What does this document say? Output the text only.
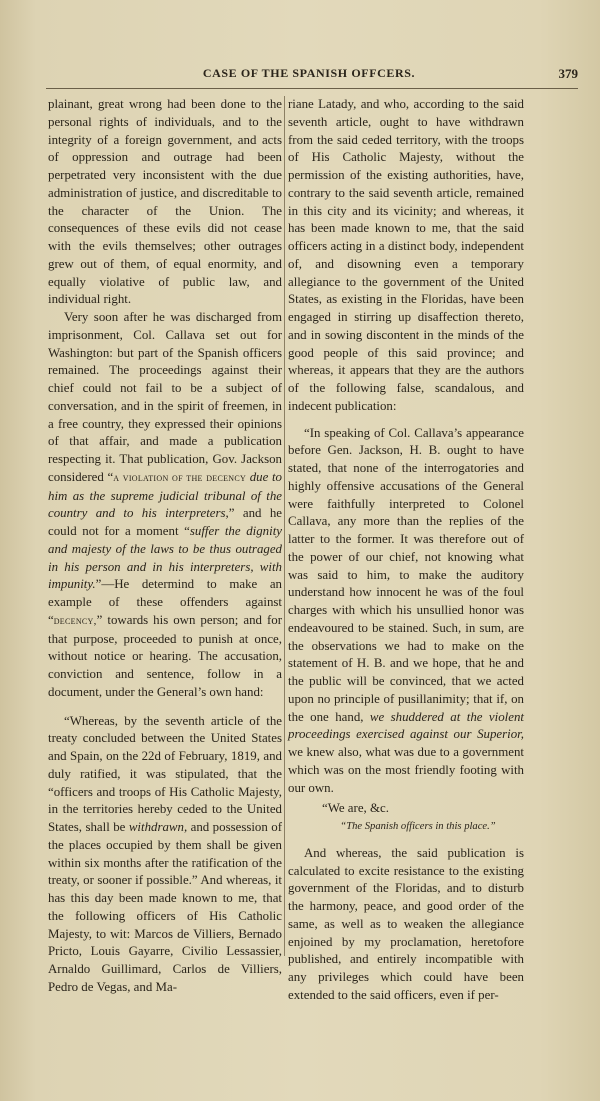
CASE OF THE SPANISH OFFCERS.	379

plainant, great wrong had been done to the personal rights of individuals, and to the integrity of a foreign government, and acts of oppression and outrage had been perpetrated very inconsistent with the due administration of justice, and discreditable to the character of the Union. The consequences of these evils did not cease with the evils themselves; other outrages grew out of them, of equal enormity, and equally violative of public law, and individual right.

Very soon after he was discharged from imprisonment, Col. Callava set out for Washington: but part of the Spanish officers remained. The proceedings against their chief could not fail to be a subject of conversation, and in the spirit of freemen, in a free country, they expressed their opinions of that affair, and made a publication respecting it. That publication, Gov. Jackson considered “a violation of the decency due to him as the supreme judicial tribunal of the country and to his interpreters,” and he could not for a moment “suffer the dignity and majesty of the laws to be thus outraged in his person and in his interpreters, with impunity.”—He determind to make an example of these offenders against “decency,” towards his own person; and for that purpose, proceeded to punish at once, without notice or hearing. The accusation, conviction and sentence, follow in a document, under the General’s own hand:

“Whereas, by the seventh article of the treaty concluded between the United States and Spain, on the 22d of February, 1819, and duly ratified, it was stipulated, that the “officers and troops of His Catholic Majesty, in the territories hereby ceded to the United States, shall be withdrawn, and possession of the places occupied by them shall be given within six months after the ratification of the treaty, or sooner if possible.” And whereas, it has this day been made known to me, that the following officers of His Catholic Majesty, to wit: Marcos de Villiers, Bernado Pricto, Louis Gayarre, Civilio Lessassier, Arnaldo Guillimard, Carlos de Villiers, Pedro de Vegas, and Ma-

riane Latady, and who, according to the said seventh article, ought to have withdrawn from the said ceded territory, with the troops of His Catholic Majesty, without the permission of the existing authorities, have, contrary to the said seventh article, remained in this city and its vicinity; and whereas, it has been made known to me, that the said officers acting in a distinct body, independent of, and disowning even a temporary allegiance to the government of the United States, as existing in the Floridas, have been engaged in stirring up disaffection thereto, and in sowing discontent in the minds of the good people of this said province; and whereas, it appears that they are the authors of the following false, scandalous, and indecent publication:

“In speaking of Col. Callava’s appearance before Gen. Jackson, H. B. ought to have stated, that none of the interrogatories and highly offensive accusations of the General were faithfully interpreted to Colonel Callava, any more than the replies of the latter to the former. It was therefore out of the power of our chief, not knowing what was said to him, to make the auditory understand how innocent he was of the foul charges with which his unsullied honor was endeavoured to be stained. Such, in sum, are the observations we had to make on the statement of H. B. and we hope, that he and the public will be convinced, that we acted upon no principle of pusillanimity; that if, on the one hand, we shuddered at the violent proceedings exercised against our Superior, we knew also, what was due to a government which was on the most friendly footing with our own.

“We are, &c.

“The Spanish officers in this place.”

And whereas, the said publication is calculated to excite resistance to the existing government of the Floridas, and to disturb the harmony, peace, and good order of the same, as well as to weaken the allegiance enjoined by my proclamation, heretofore published, and entirely incompatible with any privileges which could have been extended to the said officers, even if per-
